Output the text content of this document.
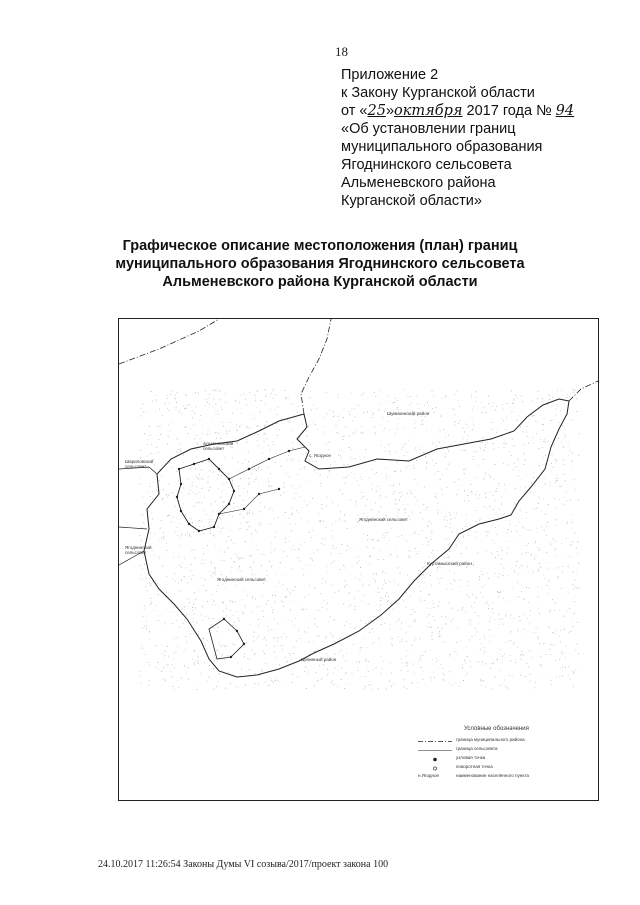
18
Приложение 2
к Закону Курганской области
от «25»октября 2017 года № 94
«Об установлении границ
муниципального образования
Ягоднинского сельсовета
Альменевского района
Курганской области»
Графическое описание местоположения (план) границ
муниципального образования Ягоднинского сельсовета
Альменевского района Курганской области
Шумихинский район
Куртамышский район
Целинный район
Ягоднинский сельсовет
Шариповский сельсовет
Ягоднинский сельсовет
Ягоднинский сельсовет
Альменевский сельсовет
с. Ягодное
Условные обозначения
граница муниципального района
граница сельсовета
узловая точка
поворотная точка
н.Ягодное	наименование населённого пункта
24.10.2017 11:26:54 Законы Думы VI созыва/2017/проект закона 100
